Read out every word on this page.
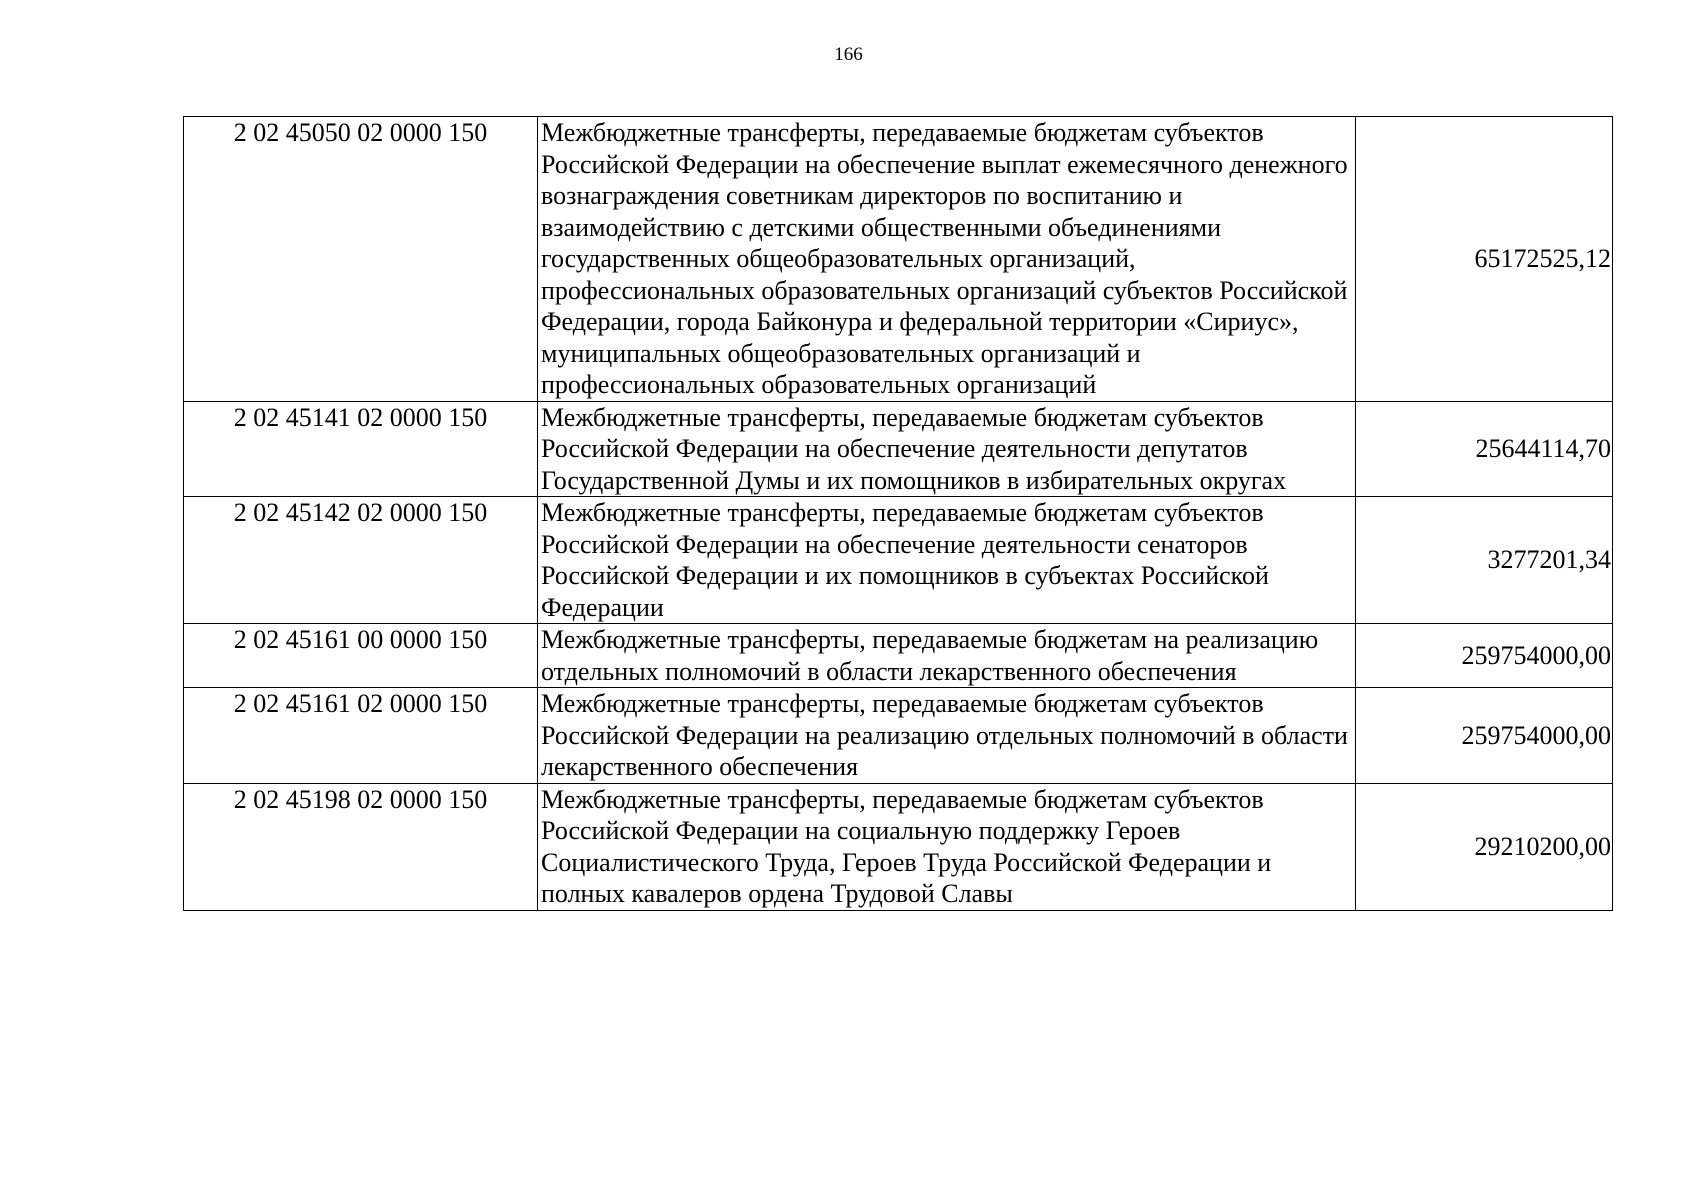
166
2 02 45050 02 0000 150	Межбюджетные трансферты, передаваемые бюджетам субъектов Российской Федерации на обеспечение выплат ежемесячного денежного вознаграждения советникам директоров по воспитанию и взаимодействию с детскими общественными объединениями государственных общеобразовательных организаций, профессиональных образовательных организаций субъектов Российской Федерации, города Байконура и федеральной территории «Сириус», муниципальных общеобразовательных организаций и профессиональных образовательных организаций	65172525,12
2 02 45141 02 0000 150	Межбюджетные трансферты, передаваемые бюджетам субъектов Российской Федерации на обеспечение деятельности депутатов Государственной Думы и их помощников в избирательных округах	25644114,70
2 02 45142 02 0000 150	Межбюджетные трансферты, передаваемые бюджетам субъектов Российской Федерации на обеспечение деятельности сенаторов Российской Федерации и их помощников в субъектах Российской Федерации	3277201,34
2 02 45161 00 0000 150	Межбюджетные трансферты, передаваемые бюджетам на реализацию отдельных полномочий в области лекарственного обеспечения	259754000,00
2 02 45161 02 0000 150	Межбюджетные трансферты, передаваемые бюджетам субъектов Российской Федерации на реализацию отдельных полномочий в области лекарственного обеспечения	259754000,00
2 02 45198 02 0000 150	Межбюджетные трансферты, передаваемые бюджетам субъектов Российской Федерации на социальную поддержку Героев Социалистического Труда, Героев Труда Российской Федерации и полных кавалеров ордена Трудовой Славы	29210200,00
